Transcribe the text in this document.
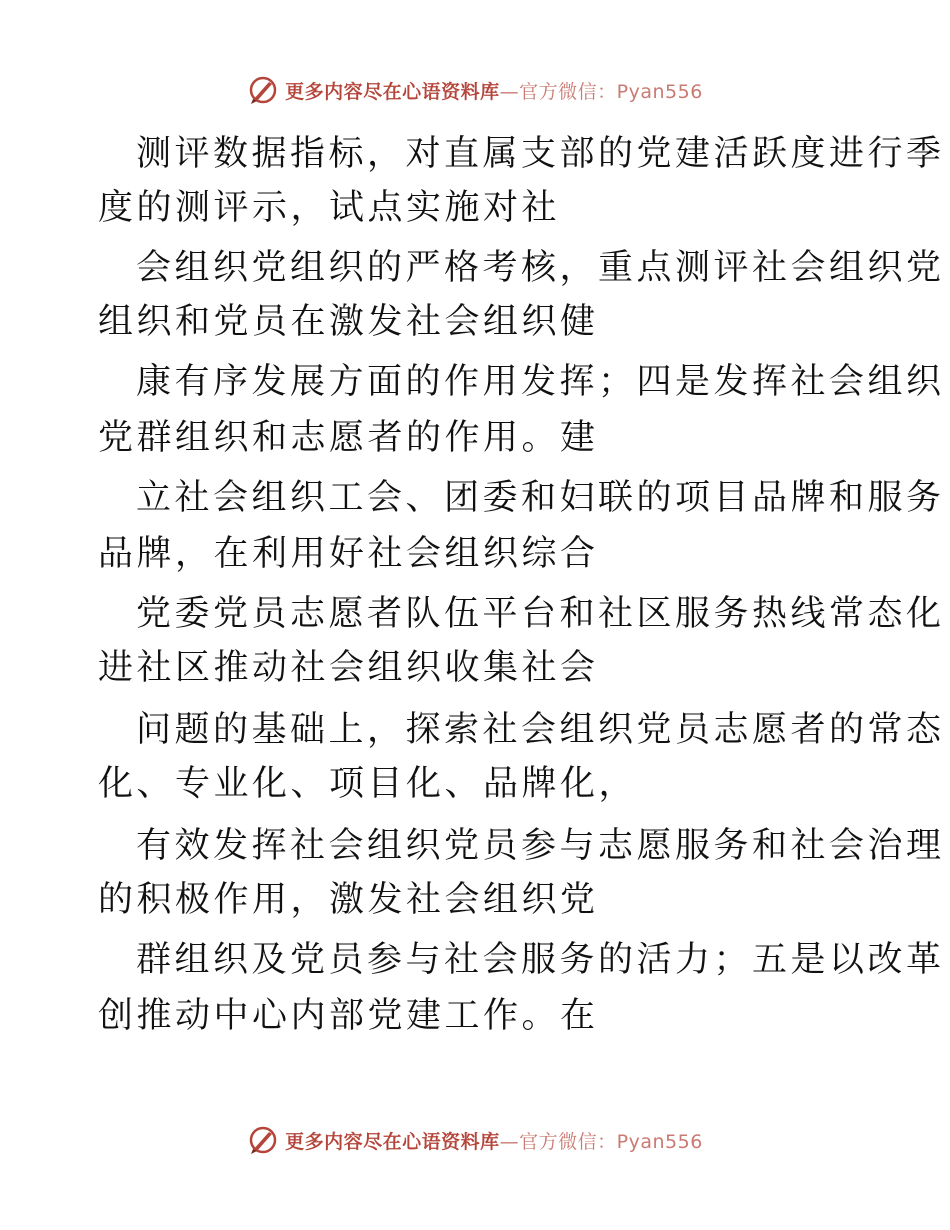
更多内容尽在心语资料库—官方微信：Pyan556
测评数据指标，对直属支部的党建活跃度进行季
度的测评示，试点实施对社
会组织党组织的严格考核，重点测评社会组织党
组织和党员在激发社会组织健
康有序发展方面的作用发挥；四是发挥社会组织
党群组织和志愿者的作用。建
立社会组织工会、团委和妇联的项目品牌和服务
品牌，在利用好社会组织综合
党委党员志愿者队伍平台和社区服务热线常态化
进社区推动社会组织收集社会
问题的基础上，探索社会组织党员志愿者的常态
化、专业化、项目化、品牌化，
有效发挥社会组织党员参与志愿服务和社会治理
的积极作用，激发社会组织党
群组织及党员参与社会服务的活力；五是以改革
创推动中心内部党建工作。在
更多内容尽在心语资料库—官方微信：Pyan556
